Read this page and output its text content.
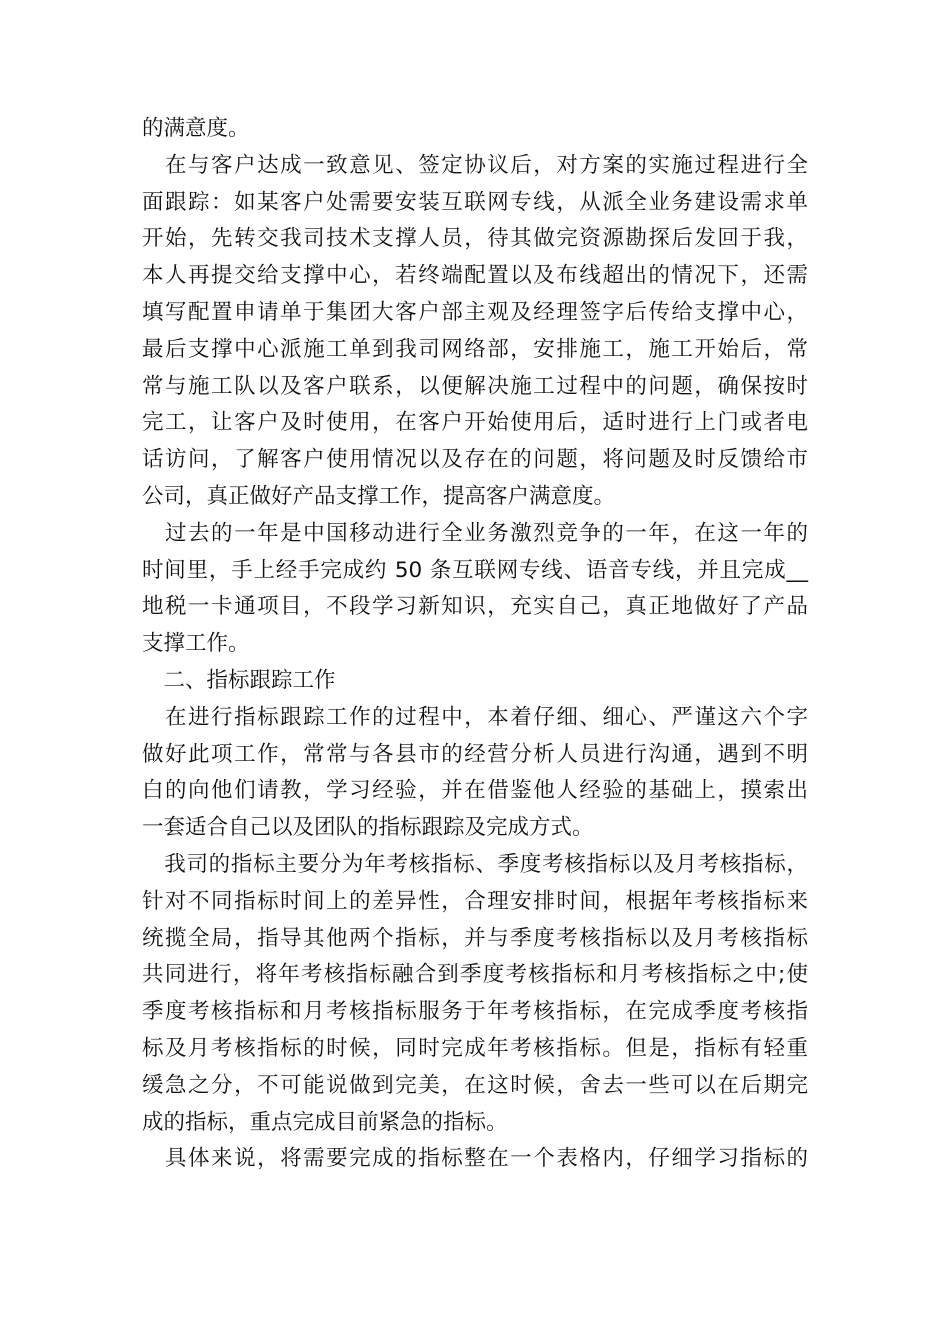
的满意度。
　在与客户达成一致意见、签定协议后，对方案的实施过程进行全
面跟踪：如某客户处需要安装互联网专线，从派全业务建设需求单
开始，先转交我司技术支撑人员，待其做完资源勘探后发回于我，
本人再提交给支撑中心，若终端配置以及布线超出的情况下，还需
填写配置申请单于集团大客户部主观及经理签字后传给支撑中心，
最后支撑中心派施工单到我司网络部，安排施工，施工开始后，常
常与施工队以及客户联系，以便解决施工过程中的问题，确保按时
完工，让客户及时使用，在客户开始使用后，适时进行上门或者电
话访问，了解客户使用情况以及存在的问题，将问题及时反馈给市
公司，真正做好产品支撑工作，提高客户满意度。
　过去的一年是中国移动进行全业务激烈竞争的一年，在这一年的
时间里，手上经手完成约 50 条互联网专线、语音专线，并且完成__
地税一卡通项目，不段学习新知识，充实自己，真正地做好了产品
支撑工作。
　二、指标跟踪工作
　在进行指标跟踪工作的过程中，本着仔细、细心、严谨这六个字
做好此项工作，常常与各县市的经营分析人员进行沟通，遇到不明
白的向他们请教，学习经验，并在借鉴他人经验的基础上，摸索出
一套适合自己以及团队的指标跟踪及完成方式。
　我司的指标主要分为年考核指标、季度考核指标以及月考核指标，
针对不同指标时间上的差异性，合理安排时间，根据年考核指标来
统揽全局，指导其他两个指标，并与季度考核指标以及月考核指标
共同进行，将年考核指标融合到季度考核指标和月考核指标之中;使
季度考核指标和月考核指标服务于年考核指标，在完成季度考核指
标及月考核指标的时候，同时完成年考核指标。但是，指标有轻重
缓急之分，不可能说做到完美，在这时候，舍去一些可以在后期完
成的指标，重点完成目前紧急的指标。
　具体来说，将需要完成的指标整在一个表格内，仔细学习指标的
